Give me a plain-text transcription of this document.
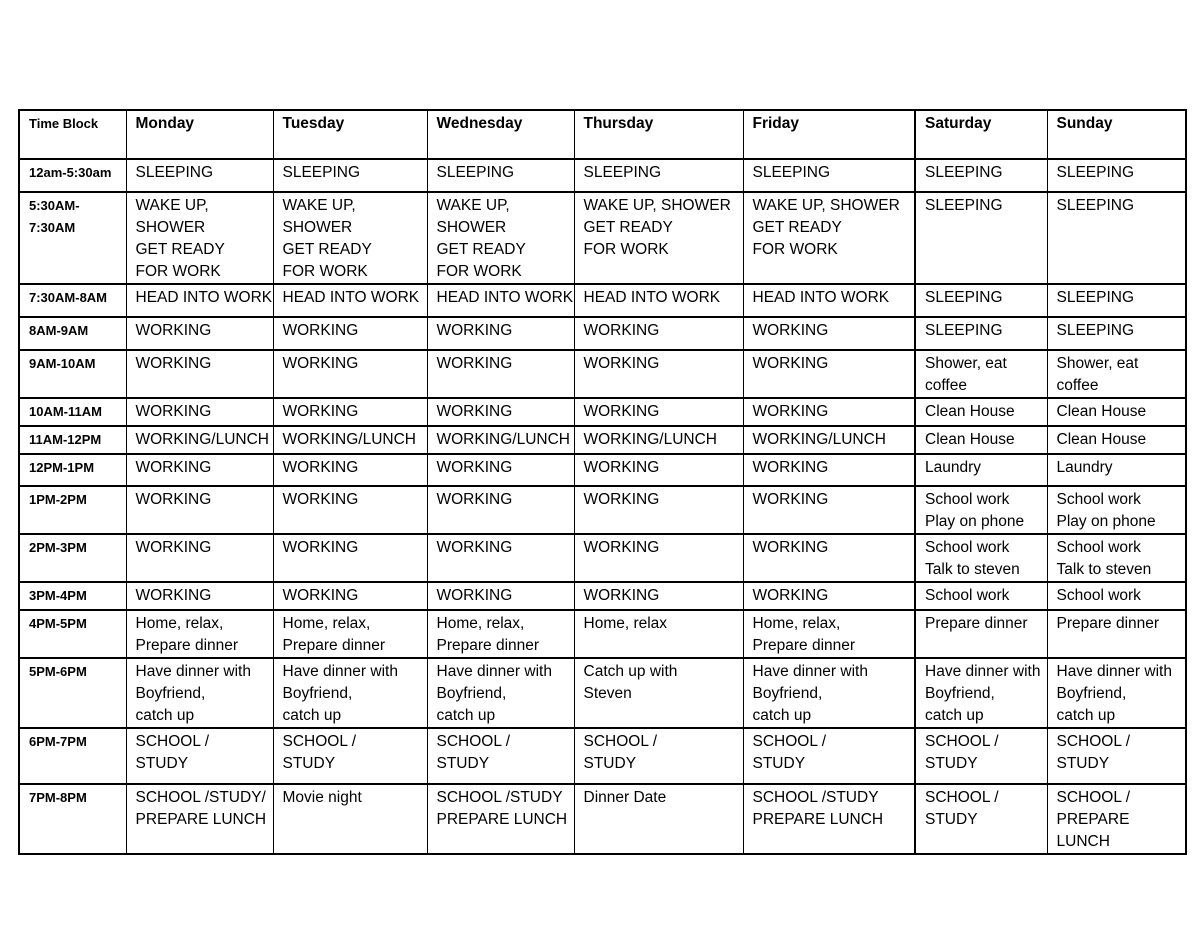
Time Block	Monday	Tuesday	Wednesday	Thursday	Friday	Saturday	Sunday
12am-5:30am	SLEEPING	SLEEPING	SLEEPING	SLEEPING	SLEEPING	SLEEPING	SLEEPING
5:30AM-
7:30AM	WAKE UP, SHOWER
GET READY
FOR WORK	WAKE UP, SHOWER
GET READY
FOR WORK	WAKE UP, SHOWER
GET READY
FOR WORK	WAKE UP, SHOWER
GET READY
FOR WORK	WAKE UP, SHOWER
GET READY
FOR WORK	SLEEPING	SLEEPING
7:30AM-8AM	HEAD INTO WORK	HEAD INTO WORK	HEAD INTO WORK	HEAD INTO WORK	HEAD INTO WORK	SLEEPING	SLEEPING
8AM-9AM	WORKING	WORKING	WORKING	WORKING	WORKING	SLEEPING	SLEEPING
9AM-10AM	WORKING	WORKING	WORKING	WORKING	WORKING	Shower, eat
coffee	Shower, eat
coffee
10AM-11AM	WORKING	WORKING	WORKING	WORKING	WORKING	Clean House	Clean House
11AM-12PM	WORKING/LUNCH	WORKING/LUNCH	WORKING/LUNCH	WORKING/LUNCH	WORKING/LUNCH	Clean House	Clean House
12PM-1PM	WORKING	WORKING	WORKING	WORKING	WORKING	Laundry	Laundry
1PM-2PM	WORKING	WORKING	WORKING	WORKING	WORKING	School work
Play on phone	School work
Play on phone
2PM-3PM	WORKING	WORKING	WORKING	WORKING	WORKING	School work
Talk to steven	School work
Talk to steven
3PM-4PM	WORKING	WORKING	WORKING	WORKING	WORKING	School work	School work
4PM-5PM	Home, relax,
Prepare dinner	Home, relax,
Prepare dinner	Home, relax,
Prepare dinner	Home, relax	Home, relax,
Prepare dinner	Prepare dinner	Prepare dinner
5PM-6PM	Have dinner with
Boyfriend,
catch up	Have dinner with
Boyfriend,
catch up	Have dinner with
Boyfriend,
catch up	Catch up with
Steven	Have dinner with
Boyfriend,
catch up	Have dinner with
Boyfriend,
catch up	Have dinner with
Boyfriend,
catch up
6PM-7PM	SCHOOL /
STUDY	SCHOOL /
STUDY	SCHOOL /
STUDY	SCHOOL /
STUDY	SCHOOL /
STUDY	SCHOOL /
STUDY	SCHOOL /
STUDY
7PM-8PM	SCHOOL /STUDY/
PREPARE LUNCH	Movie night	SCHOOL /STUDY
PREPARE LUNCH	Dinner Date	SCHOOL /STUDY
PREPARE LUNCH	SCHOOL /
STUDY	SCHOOL /
PREPARE LUNCH
